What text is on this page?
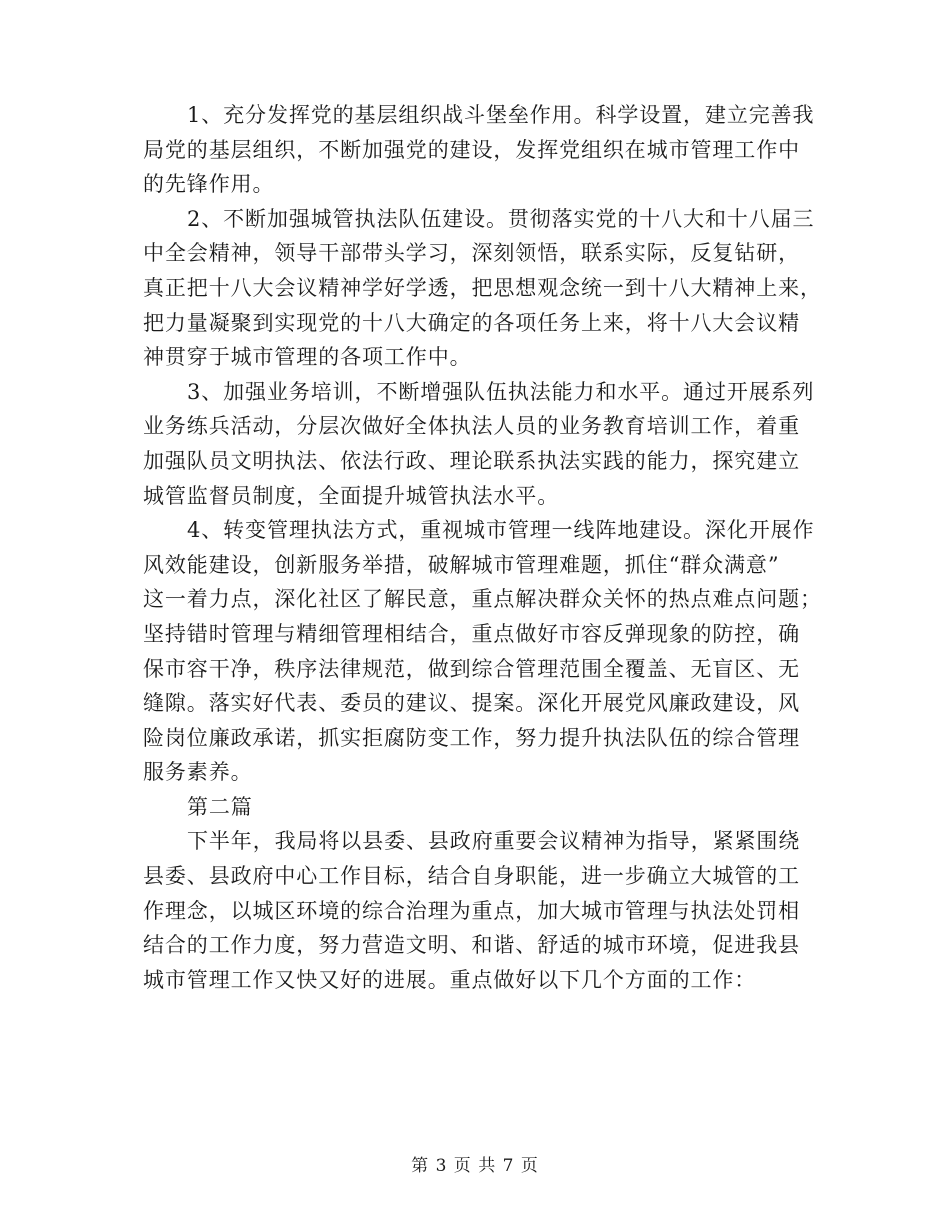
1、充分发挥党的基层组织战斗堡垒作用。科学设置，建立完善我
局党的基层组织，不断加强党的建设，发挥党组织在城市管理工作中
的先锋作用。

2、不断加强城管执法队伍建设。贯彻落实党的十八大和十八届三
中全会精神，领导干部带头学习，深刻领悟，联系实际，反复钻研，
真正把十八大会议精神学好学透，把思想观念统一到十八大精神上来，
把力量凝聚到实现党的十八大确定的各项任务上来，将十八大会议精
神贯穿于城市管理的各项工作中。

3、加强业务培训，不断增强队伍执法能力和水平。通过开展系列
业务练兵活动，分层次做好全体执法人员的业务教育培训工作，着重
加强队员文明执法、依法行政、理论联系执法实践的能力，探究建立
城管监督员制度，全面提升城管执法水平。

4、转变管理执法方式，重视城市管理一线阵地建设。深化开展作
风效能建设，创新服务举措，破解城市管理难题，抓住“群众满意”
这一着力点，深化社区了解民意，重点解决群众关怀的热点难点问题；
坚持错时管理与精细管理相结合，重点做好市容反弹现象的防控，确
保市容干净，秩序法律规范，做到综合管理范围全覆盖、无盲区、无
缝隙。落实好代表、委员的建议、提案。深化开展党风廉政建设，风
险岗位廉政承诺，抓实拒腐防变工作，努力提升执法队伍的综合管理
服务素养。

第二篇

下半年，我局将以县委、县政府重要会议精神为指导，紧紧围绕
县委、县政府中心工作目标，结合自身职能，进一步确立大城管的工
作理念，以城区环境的综合治理为重点，加大城市管理与执法处罚相
结合的工作力度，努力营造文明、和谐、舒适的城市环境，促进我县
城市管理工作又快又好的进展。重点做好以下几个方面的工作：

第 3 页 共 7 页
